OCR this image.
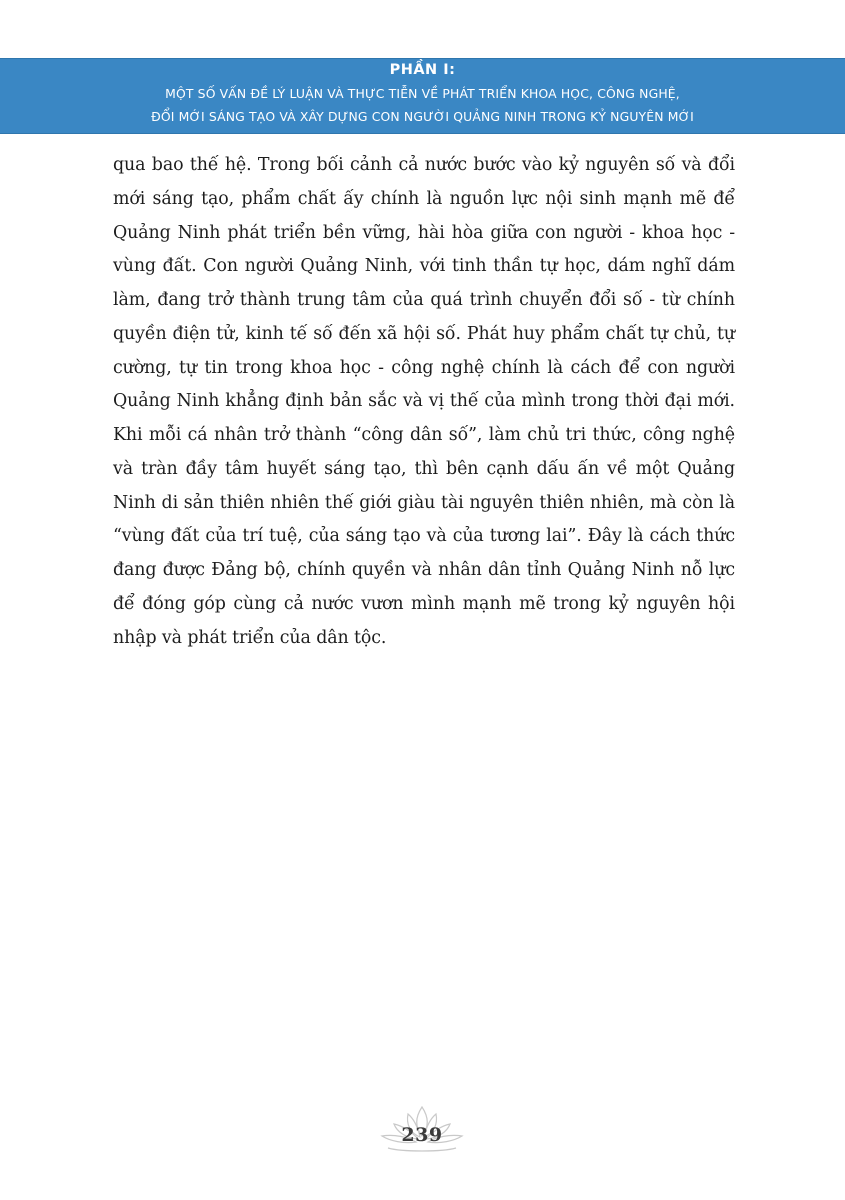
PHẦN I:
MỘT SỐ VẤN ĐỀ LÝ LUẬN VÀ THỰC TIỄN VỀ PHÁT TRIỂN KHOA HỌC, CÔNG NGHỆ,
ĐỔI MỚI SÁNG TẠO VÀ XÂY DỰNG CON NGƯỜI QUẢNG NINH TRONG KỶ NGUYÊN MỚI

qua bao thế hệ. Trong bối cảnh cả nước bước vào kỷ nguyên số và đổi mới sáng tạo, phẩm chất ấy chính là nguồn lực nội sinh mạnh mẽ để Quảng Ninh phát triển bền vững, hài hòa giữa con người - khoa học - vùng đất. Con người Quảng Ninh, với tinh thần tự học, dám nghĩ dám làm, đang trở thành trung tâm của quá trình chuyển đổi số - từ chính quyền điện tử, kinh tế số đến xã hội số. Phát huy phẩm chất tự chủ, tự cường, tự tin trong khoa học - công nghệ chính là cách để con người Quảng Ninh khẳng định bản sắc và vị thế của mình trong thời đại mới. Khi mỗi cá nhân trở thành “công dân số”, làm chủ tri thức, công nghệ và tràn đầy tâm huyết sáng tạo, thì bên cạnh dấu ấn về một Quảng Ninh di sản thiên nhiên thế giới giàu tài nguyên thiên nhiên, mà còn là “vùng đất của trí tuệ, của sáng tạo và của tương lai”. Đây là cách thức đang được Đảng bộ, chính quyền và nhân dân tỉnh Quảng Ninh nỗ lực để đóng góp cùng cả nước vươn mình mạnh mẽ trong kỷ nguyên hội nhập và phát triển của dân tộc.

239
